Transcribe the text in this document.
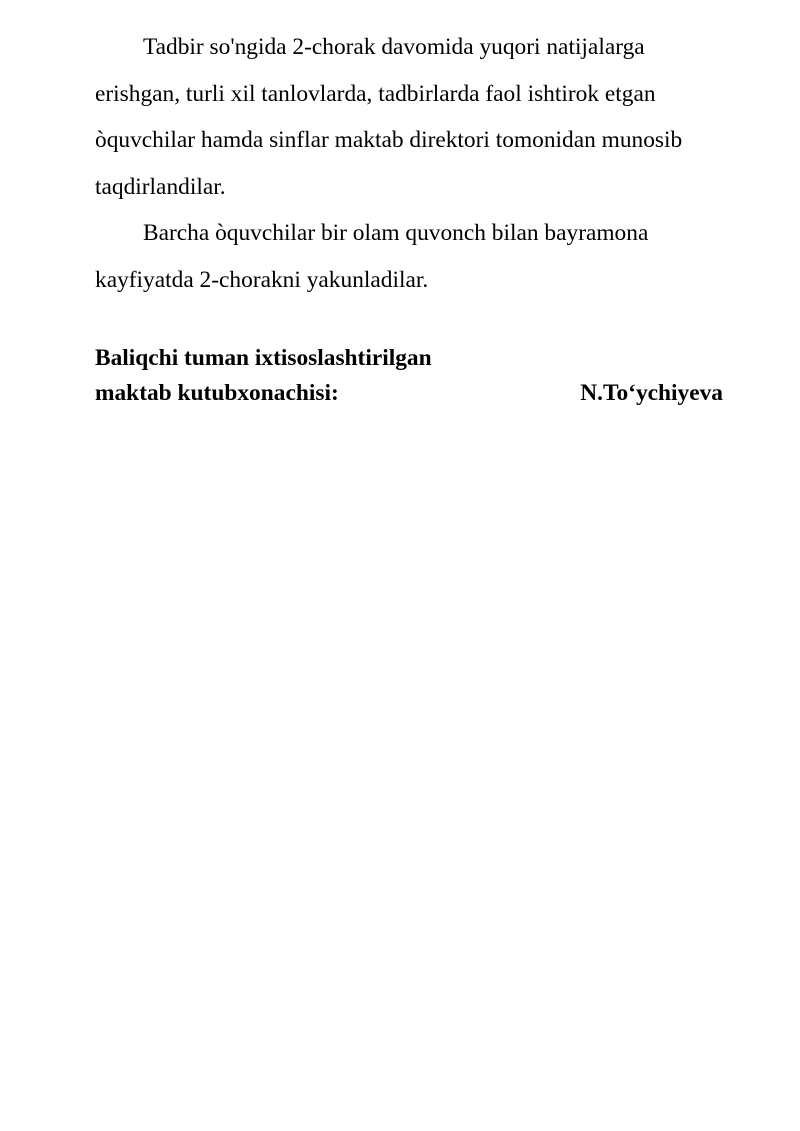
Tadbir so'ngida 2-chorak davomida yuqori natijalarga

erishgan, turli xil tanlovlarda, tadbirlarda faol ishtirok etgan

òquvchilar hamda sinflar maktab direktori tomonidan munosib

taqdirlandilar.

Barcha òquvchilar bir olam quvonch bilan bayramona

kayfiyatda 2-chorakni yakunladilar.

Baliqchi tuman ixtisoslashtirilgan
maktab kutubxonachisi:	N.To‘ychiyeva
